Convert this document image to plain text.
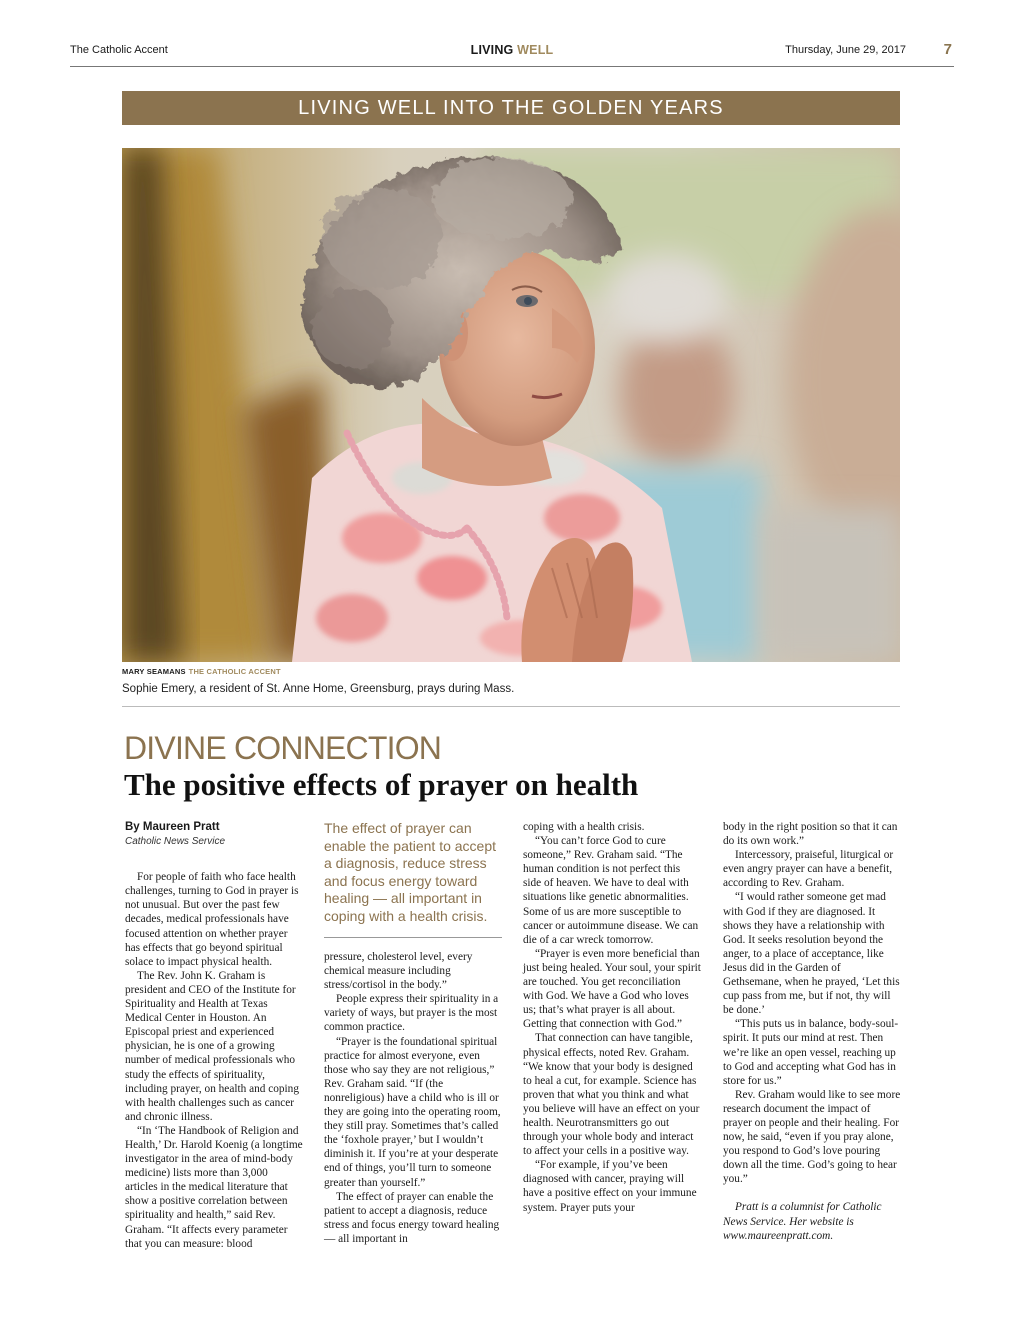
The Catholic Accent	LIVING WELL	Thursday, June 29, 2017	7
LIVING WELL INTO THE GOLDEN YEARS
MARY SEAMANS THE CATHOLIC ACCENT
Sophie Emery, a resident of St. Anne Home, Greensburg, prays during Mass.
DIVINE CONNECTION
The positive effects of prayer on health
By Maureen Pratt
Catholic News Service

For people of faith who face health challenges, turning to God in prayer is not unusual. But over the past few decades, medical professionals have focused attention on whether prayer has effects that go beyond spiritual solace to impact physical health.

The Rev. John K. Graham is president and CEO of the Institute for Spirituality and Health at Texas Medical Center in Houston. An Episcopal priest and experienced physician, he is one of a growing number of medical professionals who study the effects of spirituality, including prayer, on health and coping with health challenges such as cancer and chronic illness.

“In ‘The Handbook of Religion and Health,’ Dr. Harold Koenig (a longtime investigator in the area of mind-body medicine) lists more than 3,000 articles in the medical literature that show a positive correlation between spirituality and health,” said Rev. Graham. “It affects every parameter that you can measure: blood

The effect of prayer can enable the patient to accept a diagnosis, reduce stress and focus energy toward healing — all important in coping with a health crisis.

pressure, cholesterol level, every chemical measure including stress/cortisol in the body.”

People express their spirituality in a variety of ways, but prayer is the most common practice.

“Prayer is the foundational spiritual practice for almost everyone, even those who say they are not religious,” Rev. Graham said. “If (the nonreligious) have a child who is ill or they are going into the operating room, they still pray. Sometimes that’s called the ‘foxhole prayer,’ but I wouldn’t diminish it. If you’re at your desperate end of things, you’ll turn to someone greater than yourself.”

The effect of prayer can enable the patient to accept a diagnosis, reduce stress and focus energy toward healing — all important in

coping with a health crisis.

“You can’t force God to cure someone,” Rev. Graham said. “The human condition is not perfect this side of heaven. We have to deal with situations like genetic abnormalities. Some of us are more susceptible to cancer or autoimmune disease. We can die of a car wreck tomorrow.

“Prayer is even more beneficial than just being healed. Your soul, your spirit are touched. You get reconciliation with God. We have a God who loves us; that’s what prayer is all about. Getting that connection with God.”

That connection can have tangible, physical effects, noted Rev. Graham. “We know that your body is designed to heal a cut, for example. Science has proven that what you think and what you believe will have an effect on your health. Neurotransmitters go out through your whole body and interact to affect your cells in a positive way.

“For example, if you’ve been diagnosed with cancer, praying will have a positive effect on your immune system. Prayer puts your

body in the right position so that it can do its own work.”

Intercessory, praiseful, liturgical or even angry prayer can have a benefit, according to Rev. Graham.

“I would rather someone get mad with God if they are diagnosed. It shows they have a relationship with God. It seeks resolution beyond the anger, to a place of acceptance, like Jesus did in the Garden of Gethsemane, when he prayed, ‘Let this cup pass from me, but if not, thy will be done.’

“This puts us in balance, body-soul-spirit. It puts our mind at rest. Then we’re like an open vessel, reaching up to God and accepting what God has in store for us.”

Rev. Graham would like to see more research document the impact of prayer on people and their healing. For now, he said, “even if you pray alone, you respond to God’s love pouring down all the time. God’s going to hear you.”

Pratt is a columnist for Catholic News Service. Her website is www.maureenpratt.com.
